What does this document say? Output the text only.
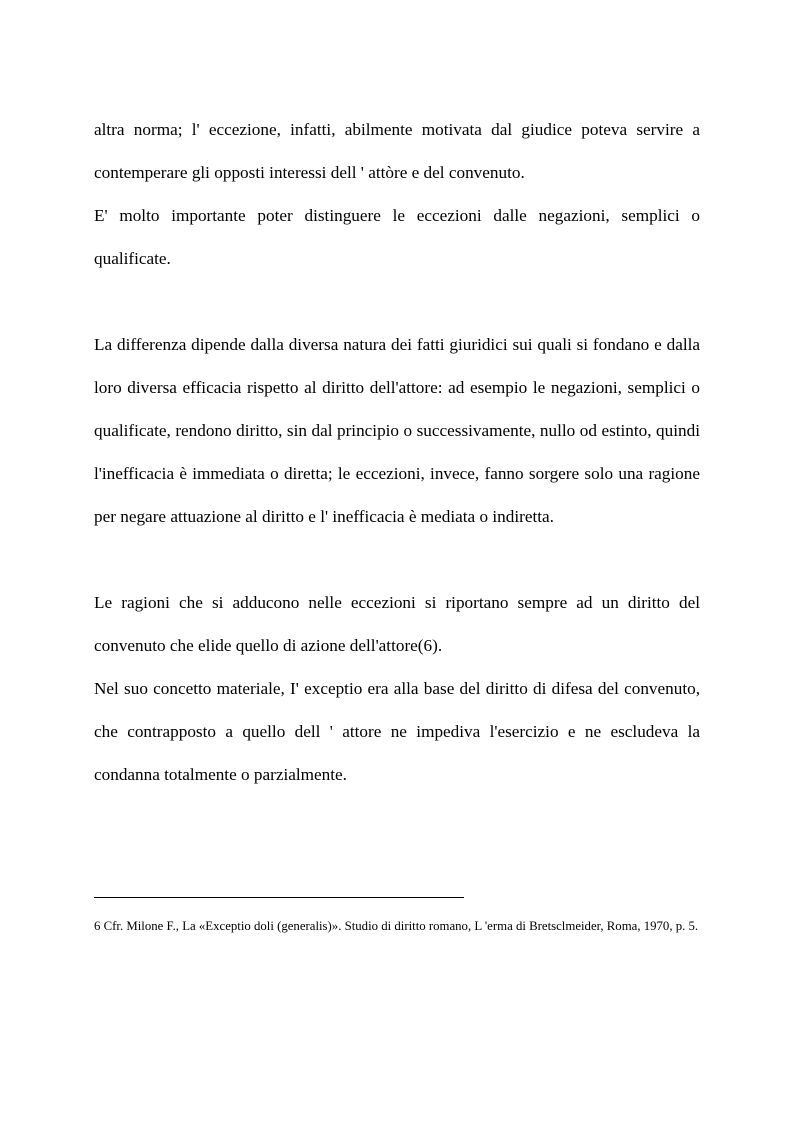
altra norma; l' eccezione, infatti, abilmente motivata dal giudice poteva servire a contemperare gli opposti interessi dell ' attòre e del convenuto.

E' molto importante poter distinguere le eccezioni dalle negazioni, semplici o qualificate.

La differenza dipende dalla diversa natura dei fatti giuridici sui quali si fondano e dalla loro diversa efficacia rispetto al diritto dell'attore: ad esempio le negazioni, semplici o qualificate, rendono diritto, sin dal principio o successivamente, nullo od estinto, quindi l'inefficacia è immediata o diretta; le eccezioni, invece, fanno sorgere solo una ragione per negare attuazione al diritto e l' inefficacia è mediata o indiretta.

Le ragioni che si adducono nelle eccezioni si riportano sempre ad un diritto del convenuto che elide quello di azione dell'attore(6).

Nel suo concetto materiale, I' exceptio era alla base del diritto di difesa del convenuto, che contrapposto a quello dell ' attore ne impediva l'esercizio e ne escludeva la condanna totalmente o parzialmente.

6 Cfr. Milone F., La «Exceptio doli (generalis)». Studio di diritto romano, L 'erma di Bretsclmeider, Roma, 1970, p. 5.
